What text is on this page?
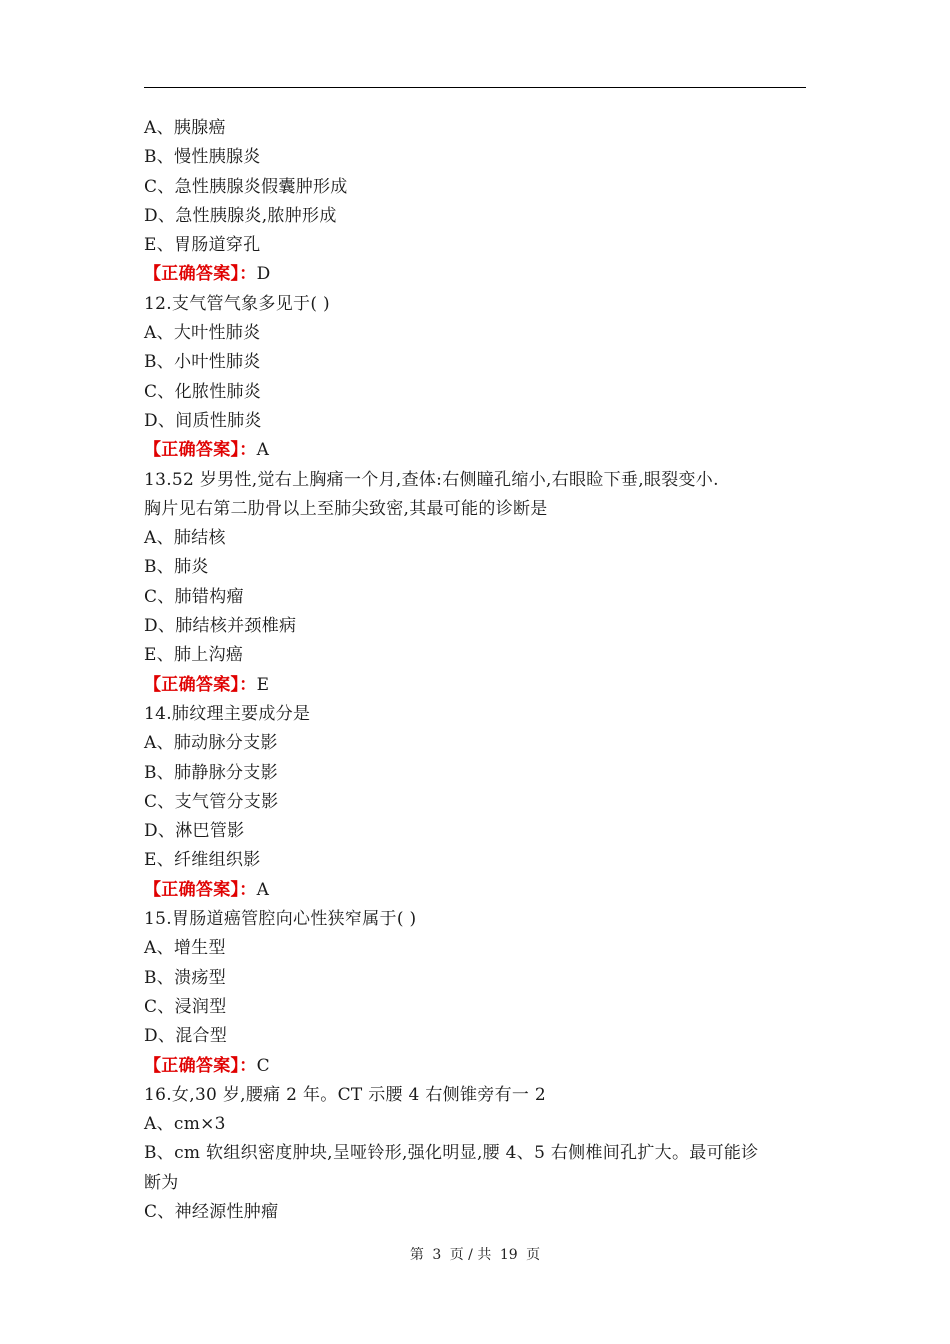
A、胰腺癌
B、慢性胰腺炎
C、急性胰腺炎假囊肿形成
D、急性胰腺炎,脓肿形成
E、胃肠道穿孔
【正确答案】：D
12.支气管气象多见于( )
A、大叶性肺炎
B、小叶性肺炎
C、化脓性肺炎
D、间质性肺炎
【正确答案】：A
13.52 岁男性,觉右上胸痛一个月,查体:右侧瞳孔缩小,右眼睑下垂,眼裂变小.
胸片见右第二肋骨以上至肺尖致密,其最可能的诊断是
A、肺结核
B、肺炎
C、肺错构瘤
D、肺结核并颈椎病
E、肺上沟癌
【正确答案】：E
14.肺纹理主要成分是
A、肺动脉分支影
B、肺静脉分支影
C、支气管分支影
D、淋巴管影
E、纤维组织影
【正确答案】：A
15.胃肠道癌管腔向心性狭窄属于( )
A、增生型
B、溃疡型
C、浸润型
D、混合型
【正确答案】：C
16.女,30 岁,腰痛 2 年。CT 示腰 4 右侧锥旁有一 2
A、cm×3
B、cm 软组织密度肿块,呈哑铃形,强化明显,腰 4、5 右侧椎间孔扩大。最可能诊
断为
C、神经源性肿瘤
第 3 页 / 共 19 页
